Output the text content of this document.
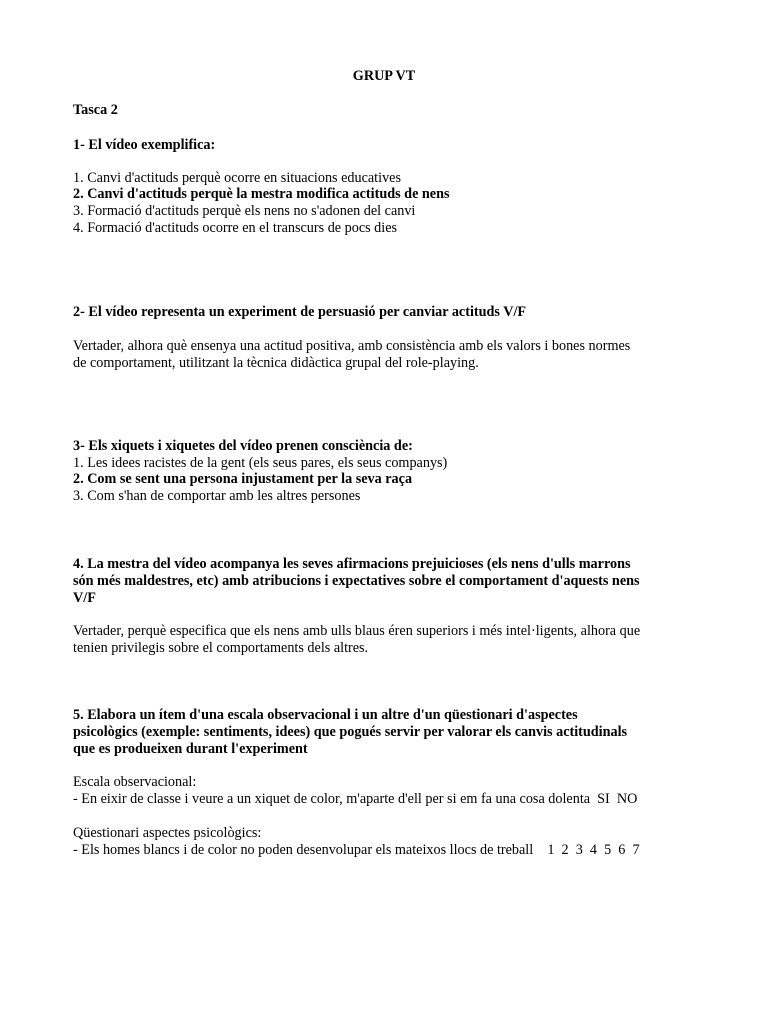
GRUP VT
Tasca 2
1- El vídeo exemplifica:
1. Canvi d'actituds perquè ocorre en situacions educatives
2. Canvi d'actituds perquè la mestra modifica actituds de nens
3. Formació d'actituds perquè els nens no s'adonen del canvi
4. Formació d'actituds ocorre en el transcurs de pocs dies
2- El vídeo representa un experiment de persuasió per canviar actituds V/F
Vertader, alhora què ensenya una actitud positiva, amb consistència amb els valors i bones normes
de comportament, utilitzant la tècnica didàctica grupal del role-playing.
3- Els xiquets i xiquetes del vídeo prenen consciència de:
1. Les idees racistes de la gent (els seus pares, els seus companys)
2. Com se sent una persona injustament per la seva raça
3. Com s'han de comportar amb les altres persones
4. La mestra del vídeo acompanya les seves afirmacions prejuicioses (els nens d'ulls marrons
són més maldestres, etc) amb atribucions i expectatives sobre el comportament d'aquests nens
V/F
Vertader, perquè especifica que els nens amb ulls blaus éren superiors i més intel·ligents, alhora que
tenien privilegis sobre el comportaments dels altres.
5. Elabora un ítem d'una escala observacional i un altre d'un qüestionari d'aspectes
psicològics (exemple: sentiments, idees) que pogués servir per valorar els canvis actitudinals
que es produeixen durant l'experiment
Escala observacional:
- En eixir de classe i veure a un xiquet de color, m'aparte d'ell per si em fa una cosa dolenta  SI  NO
Qüestionari aspectes psicològics:
- Els homes blancs i de color no poden desenvolupar els mateixos llocs de treball    1  2  3  4  5  6  7
